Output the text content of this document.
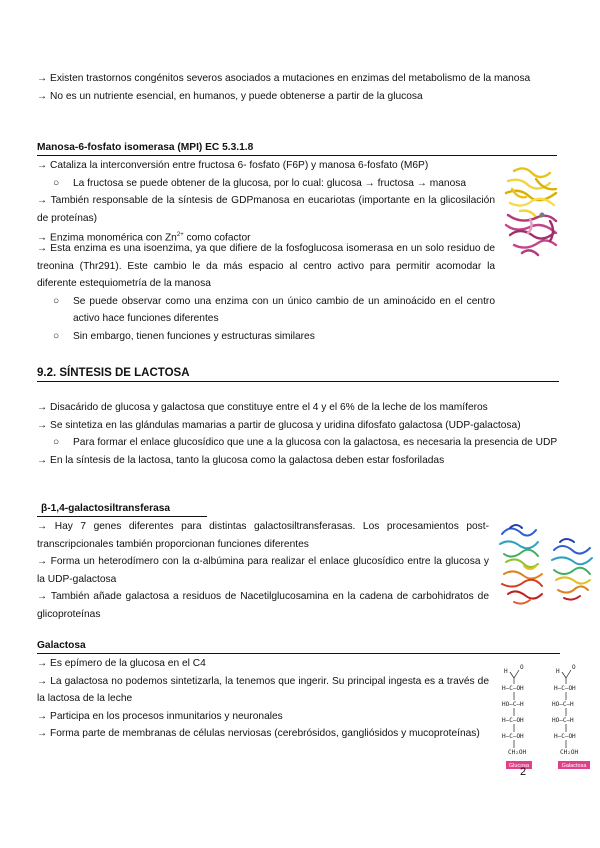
→ Existen trastornos congénitos severos asociados a mutaciones en enzimas del metabolismo de la manosa

→ No es un nutriente esencial, en humanos, y puede obtenerse a partir de la glucosa

Manosa-6-fosfato isomerasa (MPI) EC 5.3.1.8

→ Cataliza la interconversión entre fructosa 6- fosfato (F6P) y manosa 6-fosfato (M6P)

○ La fructosa se puede obtener de la glucosa, por lo cual: glucosa → fructosa → manosa

→ También responsable de la síntesis de GDPmanosa en eucariotas (importante en la glicosilación de proteínas)

→ Enzima monomérica con $Zn^{2+}$ como cofactor

→ Esta enzima es una isoenzima, ya que difiere de la fosfoglucosa isomerasa en un solo residuo de treonina (Thr291). Este cambio le da más espacio al centro activo para permitir acomodar la diferente estequiometría de la manosa

○ Se puede observar como una enzima con un único cambio de un aminoácido en el centro activo hace funciones diferentes

○ Sin embargo, tienen funciones y estructuras similares

9.2. SÍNTESIS DE LACTOSA

→ Disacárido de glucosa y galactosa que constituye entre el 4 y el 6% de la leche de los mamíferos

→ Se sintetiza en las glándulas mamarias a partir de glucosa y uridina difosfato galactosa (UDP-galactosa)

○ Para formar el enlace glucosídico que une a la glucosa con la galactosa, es necesaria la presencia de UDP

→ En la síntesis de la lactosa, tanto la glucosa como la galactosa deben estar fosforiladas

β-1,4-galactosiltransferasa

→ Hay 7 genes diferentes para distintas galactosiltransferasas. Los procesamientos post-transcripcionales también proporcionan funciones diferentes

→ Forma un heterodímero con la α-albúmina para realizar el enlace glucosídico entre la glucosa y la UDP-galactosa

→ También añade galactosa a residuos de Nacetilglucosamina en la cadena de carbohidratos de glicoproteínas

Galactosa

→ Es epímero de la glucosa en el C4

→ La galactosa no podemos sintetizarla, la tenemos que ingerir. Su principal ingesta es a través de la lactosa de la leche

→ Participa en los procesos inmunitarios y neuronales

→ Forma parte de membranas de células nerviosas (cerebrósidos, gangliósidos y mucoproteínas)

H
O
H—C—OH
HO—C—H
H—C—OH
H—C—OH
CH₂OH
H
O
H—C—OH
HO—C—H
HO—C—H
H—C—OH
CH₂OH
Glucosa	Galactosa
2
